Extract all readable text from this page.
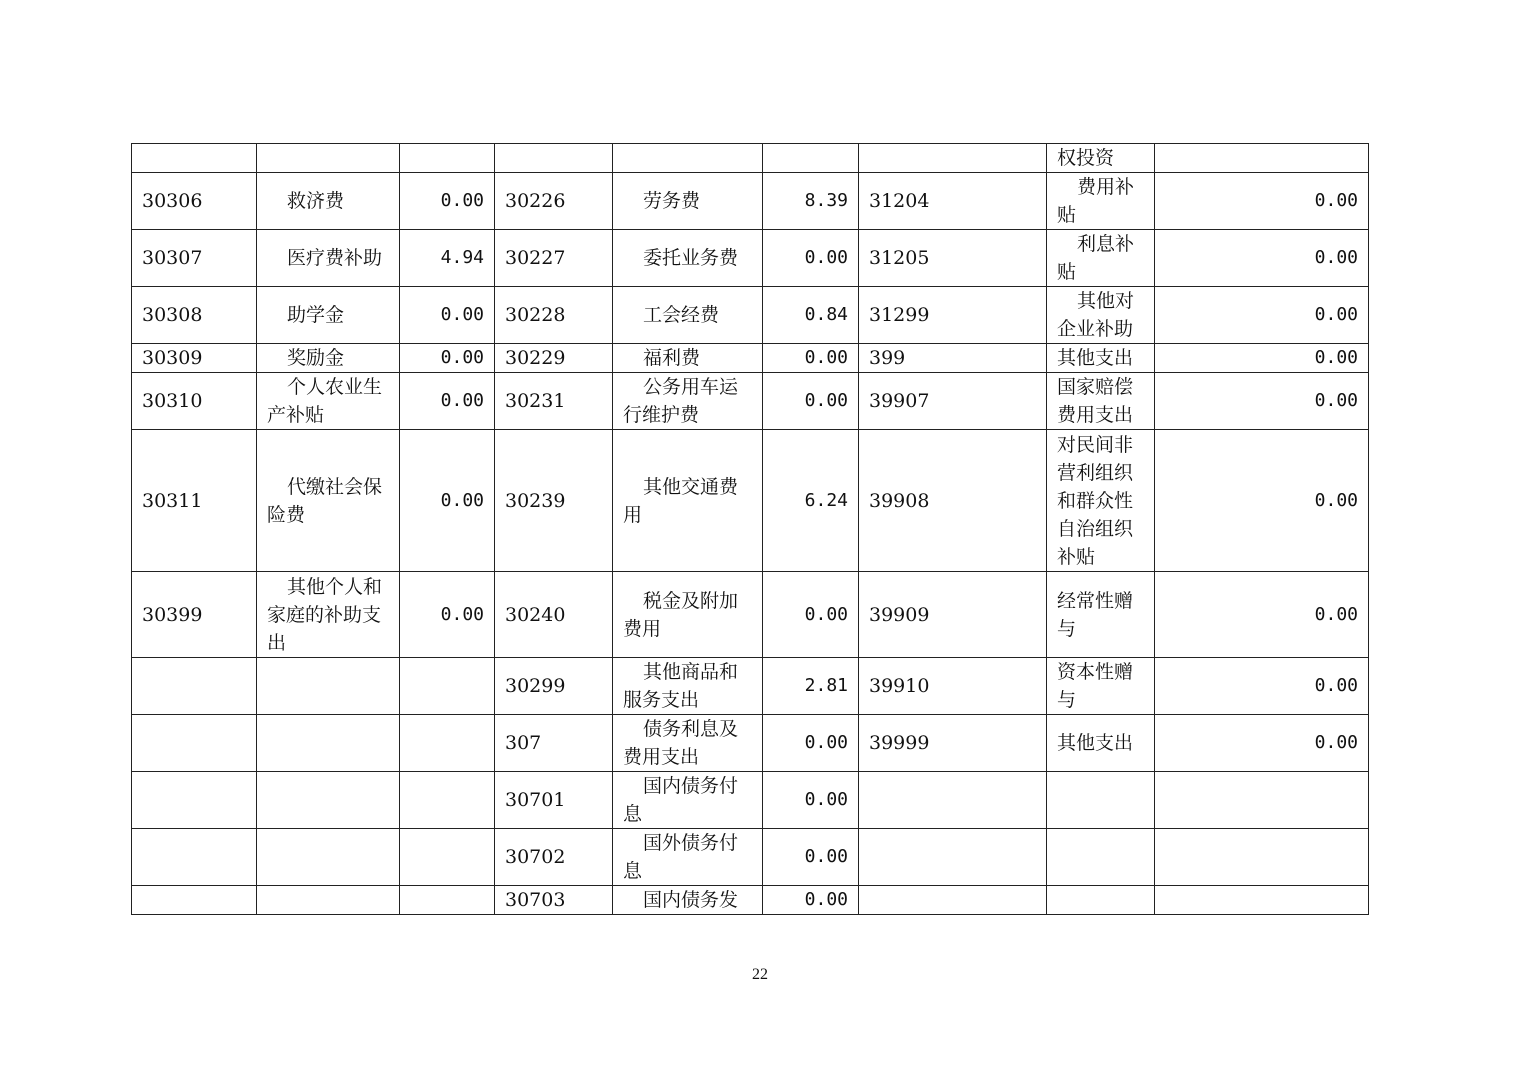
							权投资	
30306	救济费	0.00	30226	劳务费	8.39	31204	费用补贴	0.00
30307	医疗费补助	4.94	30227	委托业务费	0.00	31205	利息补贴	0.00
30308	助学金	0.00	30228	工会经费	0.84	31299	其他对企业补助	0.00
30309	奖励金	0.00	30229	福利费	0.00	399	其他支出	0.00
30310	个人农业生产补贴	0.00	30231	公务用车运行维护费	0.00	39907	国家赔偿费用支出	0.00
30311	代缴社会保险费	0.00	30239	其他交通费用	6.24	39908	对民间非营利组织和群众性自治组织补贴	0.00
30399	其他个人和家庭的补助支出	0.00	30240	税金及附加费用	0.00	39909	经常性赠与	0.00
			30299	其他商品和服务支出	2.81	39910	资本性赠与	0.00
			307	债务利息及费用支出	0.00	39999	其他支出	0.00
			30701	国内债务付息	0.00			
			30702	国外债务付息	0.00			
			30703	国内债务发	0.00			
22
